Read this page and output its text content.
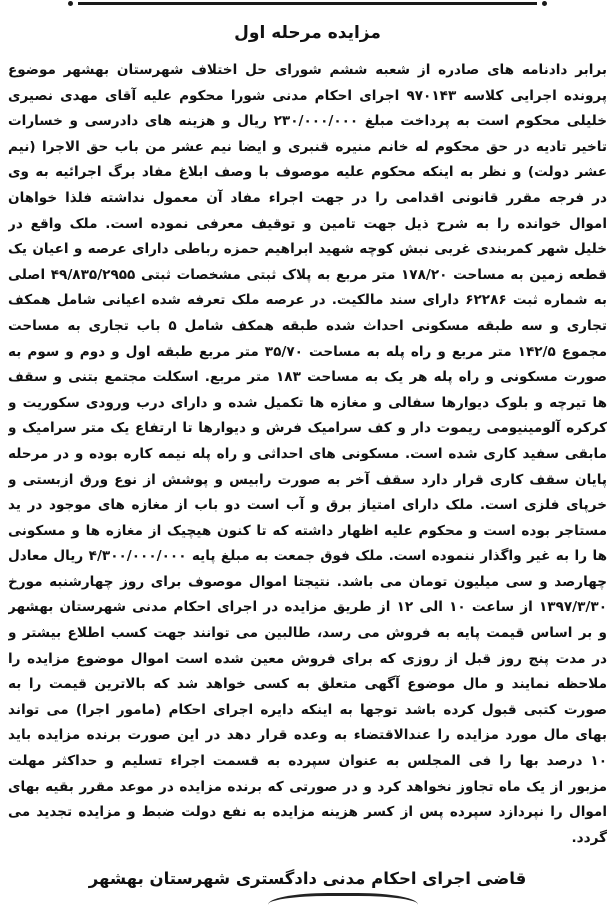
مزایده مرحله اول

برابر دادنامه های صادره از شعبه ششم شورای حل اختلاف شهرستان بهشهر موضوع پرونده اجرایی کلاسه ۹۷۰۱۴۳ اجرای احکام مدنی شورا محکوم علیه آقای مهدی نصیری خلیلی محکوم است به پرداخت مبلغ ۲۳۰/۰۰۰/۰۰۰ ریال و هزینه های دادرسی و خسارات تاخیر تادیه در حق محکوم له خانم منیره قنبری و ایضا نیم عشر من باب حق الاجرا (نیم عشر دولت) و نظر به اینکه محکوم علیه موصوف با وصف ابلاغ مفاد برگ اجرائیه به وی در فرجه مقرر قانونی اقدامی را در جهت اجراء مفاد آن معمول نداشته فلذا خواهان اموال خوانده را به شرح ذیل جهت تامین و توقیف معرفی نموده است. ملک واقع در خلیل شهر کمربندی غربی نبش کوچه شهید ابراهیم حمزه رباطی دارای عرصه و اعیان یک قطعه زمین به مساحت ۱۷۸/۲۰ متر مربع به پلاک ثبتی مشخصات ثبتی ۴۹/۸۳۵/۲۹۵۵ اصلی به شماره ثبت ۶۲۲۸۶ دارای سند مالکیت. در عرصه ملک تعرفه شده اعیانی شامل همکف تجاری و سه طبقه مسکونی احداث شده طبقه همکف شامل ۵ باب تجاری به مساحت مجموع ۱۴۲/۵ متر مربع و راه پله به مساحت ۳۵/۷۰ متر مربع طبقه اول و دوم و سوم به صورت مسکونی و راه پله هر یک به مساحت ۱۸۳ متر مربع. اسکلت مجتمع بتنی و سقف ها تیرچه و بلوک دیوارها سفالی و مغازه ها تکمیل شده و دارای درب ورودی سکوریت و کرکره آلومینیومی ریموت دار و کف سرامیک فرش و دیوارها تا ارتفاع یک متر سرامیک و مابقی سفید کاری شده است. مسکونی های احداثی و راه پله نیمه کاره بوده و در مرحله پایان سقف کاری قرار دارد سقف آخر به صورت رابیس و پوشش از نوع ورق ازبستی و خرپای فلزی است. ملک دارای امتیاز برق و آب است دو باب از مغازه های موجود در ید مستاجر بوده است و محکوم علیه اظهار داشته که تا کنون هیچیک از مغازه ها و مسکونی ها را به غیر واگذار ننموده است. ملک فوق جمعت به مبلغ پایه ۴/۳۰۰/۰۰۰/۰۰۰ ریال معادل چهارصد و سی میلیون تومان می باشد. نتیجتا اموال موصوف برای روز چهارشنبه مورخ ۱۳۹۷/۳/۳۰ از ساعت ۱۰ الی ۱۲ از طریق مزایده در اجرای احکام مدنی شهرستان بهشهر و بر اساس قیمت پایه به فروش می رسد، طالبین می توانند جهت کسب اطلاع بیشتر و در مدت پنج روز قبل از روزی که برای فروش معین شده است اموال موضوع مزایده را ملاحظه نمایند و مال موضوع آگهی متعلق به کسی خواهد شد که بالاترین قیمت را به صورت کتبی قبول کرده باشد توجها به اینکه دایره اجرای احکام (مامور اجرا) می تواند بهای مال مورد مزایده را عندالاقتضاء به وعده قرار دهد در این صورت برنده مزایده باید ۱۰ درصد بها را فی المجلس به عنوان سپرده به قسمت اجراء تسلیم و حداکثر مهلت مزبور از یک ماه تجاوز نخواهد کرد و در صورتی که برنده مزایده در موعد مقرر بقیه بهای اموال را نپردازد سپرده پس از کسر هزینه مزایده به نفع دولت ضبط و مزایده تجدید می گردد.

قاضی اجرای احکام مدنی دادگستری شهرستان بهشهر
